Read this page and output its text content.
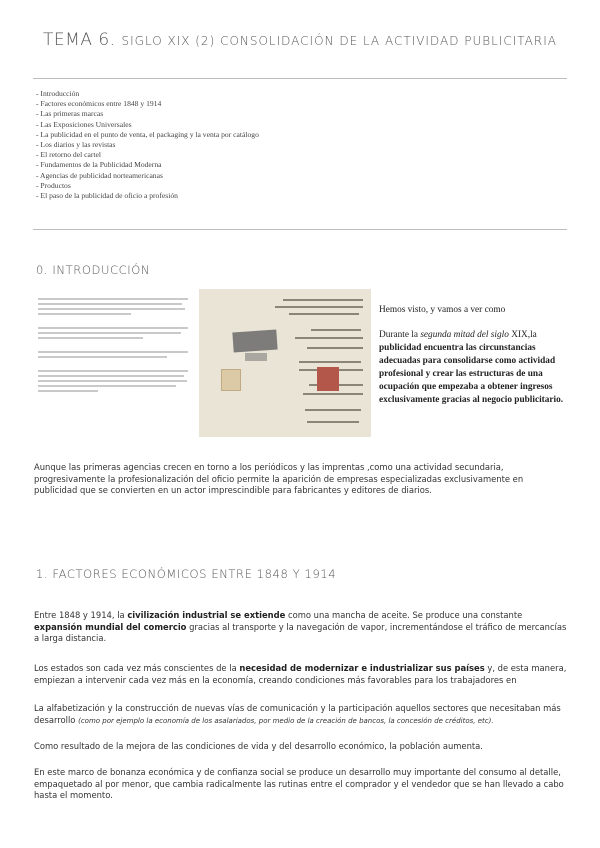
TEMA 6. SIGLO XIX (2) CONSOLIDACIÓN DE LA ACTIVIDAD PUBLICITARIA
- Introducción
- Factores económicos entre 1848 y 1914
- Las primeras marcas
- Las Exposiciones Universales
- La publicidad en el punto de venta, el packaging y la venta por catálogo
- Los diarios y las revistas
- El retorno del cartel
- Fundamentos de la Publicidad Moderna
- Agencias de publicidad norteamericanas
- Productos
- El paso de la publicidad de oficio a profesión
0. INTRODUCCIÓN
Hemos visto, y vamos a ver como
Durante la segunda mitad del siglo XIX,la publicidad encuentra las circunstancias adecuadas para consolidarse como actividad profesional y crear las estructuras de una ocupación que empezaba a obtener ingresos exclusivamente gracias al negocio publicitario.

Aunque las primeras agencias crecen en torno a los periódicos y las imprentas ,como una actividad secundaria, progresivamente la profesionalización del oficio permite la aparición de empresas especializadas exclusivamente en publicidad que se convierten en un actor imprescindible para fabricantes y editores de diarios.

1. FACTORES ECONÓMICOS ENTRE 1848 Y 1914

Entre 1848 y 1914, la civilización industrial se extiende como una mancha de aceite. Se produce una constante expansión mundial del comercio gracias al transporte y la navegación de vapor, incrementándose el tráfico de mercancías a larga distancia.

Los estados son cada vez más conscientes de la necesidad de modernizar e industrializar sus países y, de esta manera, empiezan a intervenir cada vez más en la economía, creando condiciones más favorables para los trabajadores en

La alfabetización y la construcción de nuevas vías de comunicación y la participación aquellos sectores que necesitaban más desarrollo (como por ejemplo la economía de los asalariados, por medio de la creación de bancos, la concesión de créditos, etc).

Como resultado de la mejora de las condiciones de vida y del desarrollo económico, la población aumenta.

En este marco de bonanza económica y de confianza social se produce un desarrollo muy importante del consumo al detalle, empaquetado al por menor, que cambia radicalmente las rutinas entre el comprador y el vendedor que se han llevado a cabo hasta el momento.
